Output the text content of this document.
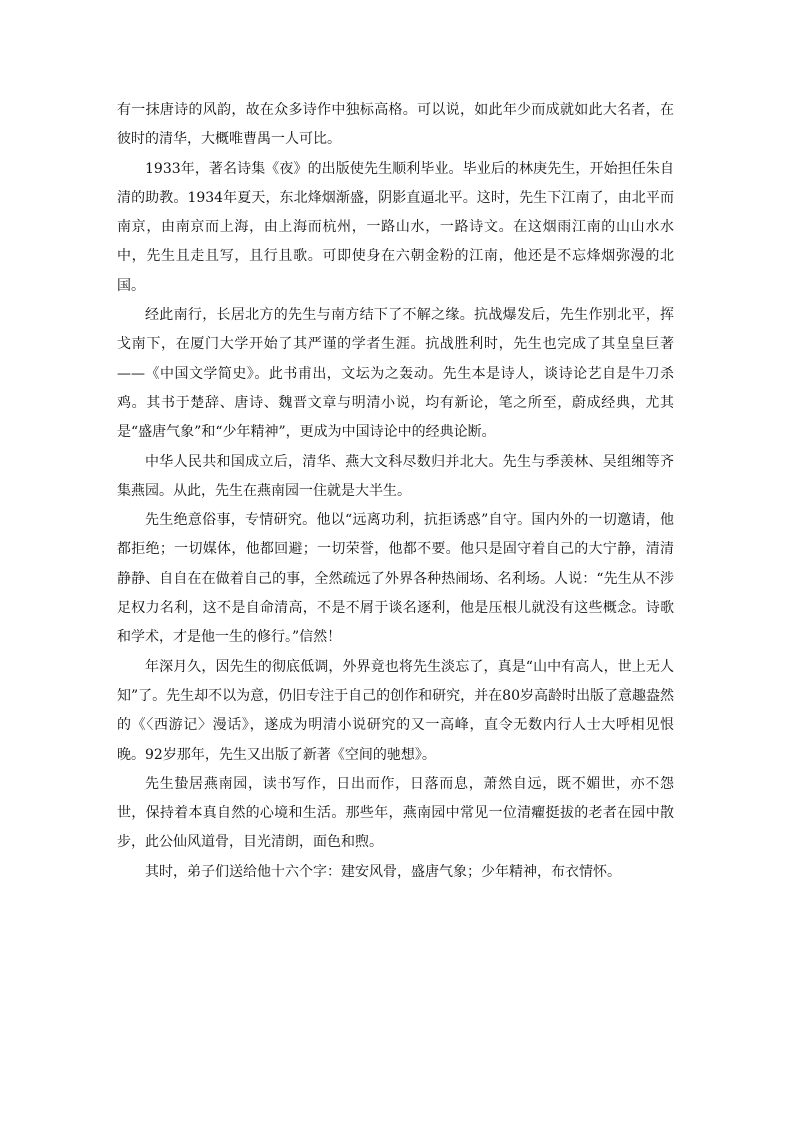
有一抹唐诗的风韵，故在众多诗作中独标高格。可以说，如此年少而成就如此大名者，在彼时的清华，大概唯曹禺一人可比。

1933年，著名诗集《夜》的出版使先生顺利毕业。毕业后的林庚先生，开始担任朱自清的助教。1934年夏天，东北烽烟渐盛，阴影直逼北平。这时，先生下江南了，由北平而南京，由南京而上海，由上海而杭州，一路山水，一路诗文。在这烟雨江南的山山水水中，先生且走且写，且行且歌。可即使身在六朝金粉的江南，他还是不忘烽烟弥漫的北国。

经此南行，长居北方的先生与南方结下了不解之缘。抗战爆发后，先生作别北平，挥戈南下，在厦门大学开始了其严谨的学者生涯。抗战胜利时，先生也完成了其皇皇巨著——《中国文学简史》。此书甫出，文坛为之轰动。先生本是诗人，谈诗论艺自是牛刀杀鸡。其书于楚辞、唐诗、魏晋文章与明清小说，均有新论，笔之所至，蔚成经典，尤其是“盛唐气象”和“少年精神”，更成为中国诗论中的经典论断。

中华人民共和国成立后，清华、燕大文科尽数归并北大。先生与季羡林、吴组缃等齐集燕园。从此，先生在燕南园一住就是大半生。

先生绝意俗事，专情研究。他以“远离功利，抗拒诱惑”自守。国内外的一切邀请，他都拒绝；一切媒体，他都回避；一切荣誉，他都不要。他只是固守着自己的大宁静，清清静静、自自在在做着自己的事，全然疏远了外界各种热闹场、名利场。人说：“先生从不涉足权力名利，这不是自命清高，不是不屑于谈名逐利，他是压根儿就没有这些概念。诗歌和学术，才是他一生的修行。”信然！

年深月久，因先生的彻底低调，外界竟也将先生淡忘了，真是“山中有高人，世上无人知”了。先生却不以为意，仍旧专注于自己的创作和研究，并在80岁高龄时出版了意趣盎然的《〈西游记〉漫话》，遂成为明清小说研究的又一高峰，直令无数内行人士大呼相见恨晚。92岁那年，先生又出版了新著《空间的驰想》。

先生蛰居燕南园，读书写作，日出而作，日落而息，萧然自远，既不媚世，亦不怨世，保持着本真自然的心境和生活。那些年，燕南园中常见一位清癯挺拔的老者在园中散步，此公仙风道骨，目光清朗，面色和煦。

其时，弟子们送给他十六个字：建安风骨，盛唐气象；少年精神，布衣情怀。
